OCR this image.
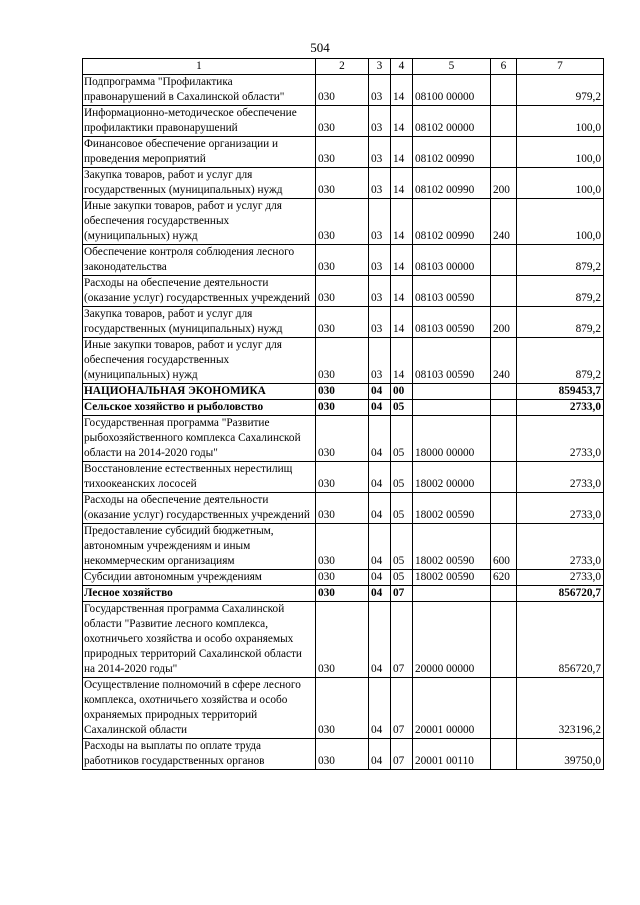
504
1	2	3	4	5	6	7
Подпрограмма "Профилактика правонарушений в Сахалинской области"	030	03	14	08100 00000		979,2
Информационно-методическое обеспечение профилактики правонарушений	030	03	14	08102 00000		100,0
Финансовое обеспечение организации и проведения мероприятий	030	03	14	08102 00990		100,0
Закупка товаров, работ и услуг для государственных (муниципальных) нужд	030	03	14	08102 00990	200	100,0
Иные закупки товаров, работ и услуг для обеспечения государственных (муниципальных) нужд	030	03	14	08102 00990	240	100,0
Обеспечение контроля соблюдения лесного законодательства	030	03	14	08103 00000		879,2
Расходы на обеспечение деятельности (оказание услуг) государственных учреждений	030	03	14	08103 00590		879,2
Закупка товаров, работ и услуг для государственных (муниципальных) нужд	030	03	14	08103 00590	200	879,2
Иные закупки товаров, работ и услуг для обеспечения государственных (муниципальных) нужд	030	03	14	08103 00590	240	879,2
НАЦИОНАЛЬНАЯ ЭКОНОМИКА	030	04	00			859453,7
Сельское хозяйство и рыболовство	030	04	05			2733,0
Государственная программа "Развитие рыбохозяйственного комплекса Сахалинской области на 2014-2020 годы"	030	04	05	18000 00000		2733,0
Восстановление естественных нерестилищ тихоокеанских лососей	030	04	05	18002 00000		2733,0
Расходы на обеспечение деятельности (оказание услуг) государственных учреждений	030	04	05	18002 00590		2733,0
Предоставление субсидий бюджетным, автономным учреждениям и иным некоммерческим организациям	030	04	05	18002 00590	600	2733,0
Субсидии автономным учреждениям	030	04	05	18002 00590	620	2733,0
Лесное хозяйство	030	04	07			856720,7
Государственная программа Сахалинской области "Развитие лесного комплекса, охотничьего хозяйства и особо охраняемых природных территорий Сахалинской области на 2014-2020 годы"	030	04	07	20000 00000		856720,7
Осуществление полномочий в сфере лесного комплекса, охотничьего хозяйства и особо охраняемых природных территорий Сахалинской области	030	04	07	20001 00000		323196,2
Расходы на выплаты по оплате труда работников государственных органов	030	04	07	20001 00110		39750,0
